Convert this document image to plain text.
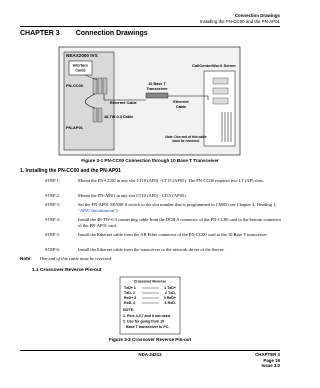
Connection Drawings
Installing the PN-CC00 and the PN-AP01
CHAPTER 3 Connection Drawings
NEAX2000 IVS
Interface
Cards
PN-CC00
PN-AP01
10 Base T
Transceiver
CallCenterWorX Server
Ethernet Cable	Ethernet
Cable
48-TW-0.3 Cable
Note: One end of this cable
must be reversed.
Figure 3-1 PN-CC00 Connection through 10 Base T Transceiver
1. Installing the PN-CC00 and the PN-AP01
STEP 1:	Mount the PN-CC00 in any slot LT10 (AP0) - LT15 (AP05). The PN-CC00 requires two LT (AP) slots.
STEP 2:	Mount the PN-AP01 in any slot LT10 (AP0) - LT15 (AP05).
STEP 3:	Set the PN-AP01 SENSE 0 switch to the slot number that is programmed in CM05 (see Chapter 4, Heading 1, "AP01 Initialization").
STEP 4:	Install the 48-TW-0.3 connecting cable from the DCB A connector of the PN-CC00 card to the bottom connector of the PN-AP01 card.
STEP 5:	Install the Ethernet cable from the AB Ether connector of the PN-CC00 card to the 10 Base T transceiver.
STEP 6:	Install the Ethernet cable from the transceiver to the network driver of the Server.
Note: One end of this cable must be reversed.
1.1 Crossover Reverse Pin-out
Crossover Reverse
TxD+ 1
TxD- 2
RxD+ 3
RxD- 6
1 TxD+
2 TxD-
3 RxD+
6 RxD-
NOTE:
1. Pins 4,5,7,and 8 not used.
2. Use for going from 10
Base T transceiver to PC.
Figure 3-2 Crossover Reverse Pin-out
NDA-24213	CHAPTER 3
Page 19
Issue 3.0
